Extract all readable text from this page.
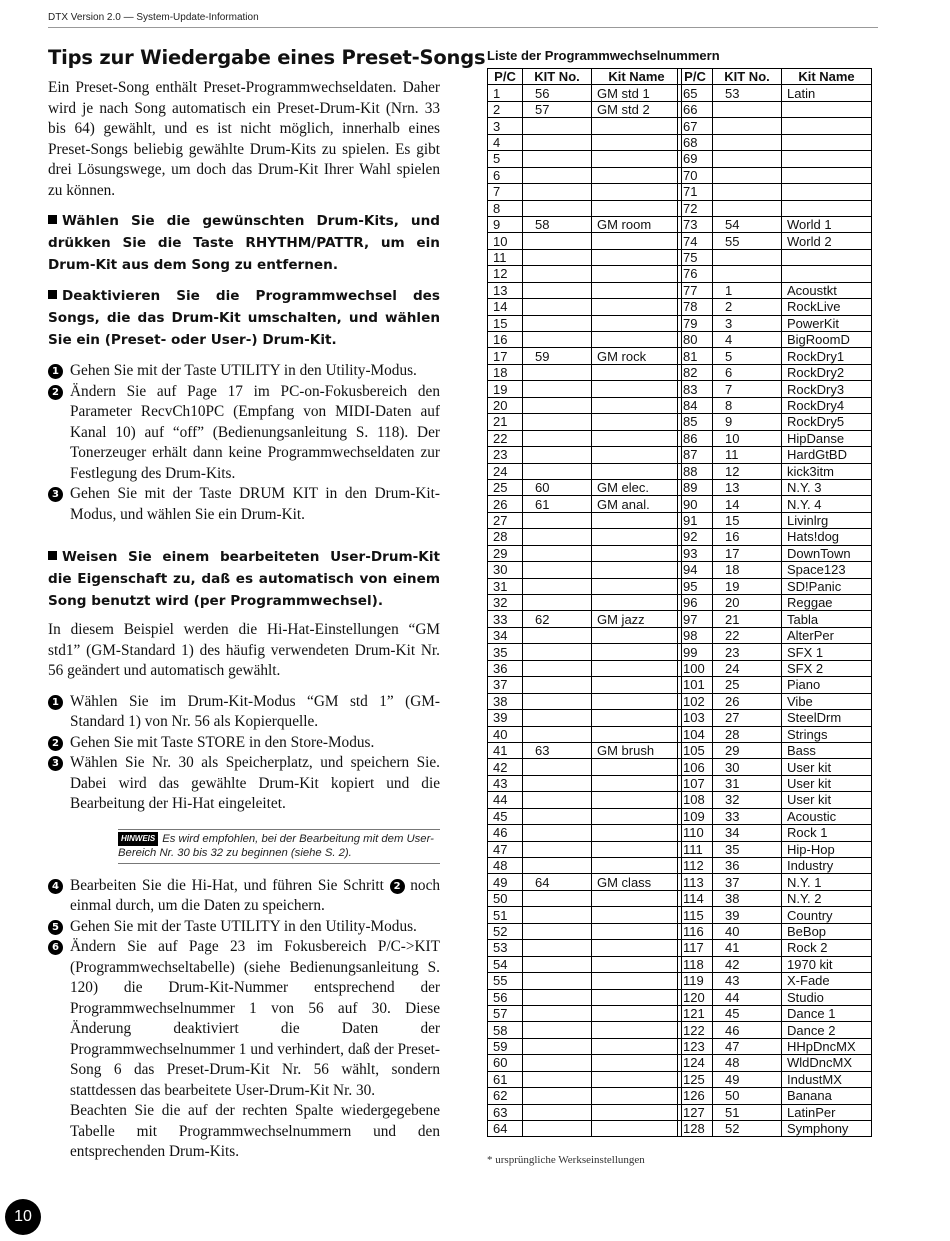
DTX Version 2.0 — System-Update-Information
Tips zur Wiedergabe eines Preset-Songs

Ein Preset-Song enthält Preset-Programmwechseldaten. Daher wird je nach Song automatisch ein Preset-Drum-Kit (Nrn. 33 bis 64) gewählt, und es ist nicht möglich, innerhalb eines Preset-Songs beliebig gewählte Drum-Kits zu spielen. Es gibt drei Lösungswege, um doch das Drum-Kit Ihrer Wahl spielen zu können.

Wählen Sie die gewünschten Drum-Kits, und drükken Sie die Taste RHYTHM/PATTR, um ein Drum-Kit aus dem Song zu entfernen.

Deaktivieren Sie die Programmwechsel des Songs, die das Drum-Kit umschalten, und wählen Sie ein (Preset- oder User-) Drum-Kit.

1 Gehen Sie mit der Taste UTILITY in den Utility-Modus.
2 Ändern Sie auf Page 17 im PC-on-Fokusbereich den Parameter RecvCh10PC (Empfang von MIDI-Daten auf Kanal 10) auf “off” (Bedienungsanleitung S. 118). Der Tonerzeuger erhält dann keine Programmwechseldaten zur Festlegung des Drum-Kits.
3 Gehen Sie mit der Taste DRUM KIT in den Drum-Kit-Modus, und wählen Sie ein Drum-Kit.

Weisen Sie einem bearbeiteten User-Drum-Kit die Eigenschaft zu, daß es automatisch von einem Song benutzt wird (per Programmwechsel).

In diesem Beispiel werden die Hi-Hat-Einstellungen “GM std1” (GM-Standard 1) des häufig verwendeten Drum-Kit Nr. 56 geändert und automatisch gewählt.

1 Wählen Sie im Drum-Kit-Modus “GM std 1” (GM-Standard 1) von Nr. 56 als Kopierquelle.
2 Gehen Sie mit Taste STORE in den Store-Modus.
3 Wählen Sie Nr. 30 als Speicherplatz, und speichern Sie. Dabei wird das gewählte Drum-Kit kopiert und die Bearbeitung der Hi-Hat eingeleitet.
HINWEIS Es wird empfohlen, bei der Bearbeitung mit dem User-Bereich Nr. 30 bis 32 zu beginnen (siehe S. 2).
4 Bearbeiten Sie die Hi-Hat, und führen Sie Schritt 2 noch einmal durch, um die Daten zu speichern.
5 Gehen Sie mit der Taste UTILITY in den Utility-Modus.
6 Ändern Sie auf Page 23 im Fokusbereich P/C->KIT (Programmwechseltabelle) (siehe Bedienungsanleitung S. 120) die Drum-Kit-Nummer entsprechend der Programmwechselnummer 1 von 56 auf 30. Diese Änderung deaktiviert die Daten der Programmwechselnummer 1 und verhindert, daß der Preset-Song 6 das Preset-Drum-Kit Nr. 56 wählt, sondern stattdessen das bearbeitete User-Drum-Kit Nr. 30.
Beachten Sie die auf der rechten Spalte wiedergegebene Tabelle mit Programmwechselnummern und den entsprechenden Drum-Kits.
Liste der Programmwechselnummern
P/C	KIT No.	Kit Name
1	56	GM std 1
2	57	GM std 2
3		
4		
5		
6		
7		
8		
9	58	GM room
10		
11		
12		
13		
14		
15		
16		
17	59	GM rock
18		
19		
20		
21		
22		
23		
24		
25	60	GM elec.
26	61	GM anal.
27		
28		
29		
30		
31		
32		
33	62	GM jazz
34		
35		
36		
37		
38		
39		
40		
41	63	GM brush
42		
43		
44		
45		
46		
47		
48		
49	64	GM class
50		
51		
52		
53		
54		
55		
56		
57		
58		
59		
60		
61		
62		
63		
64		
P/C	KIT No.	Kit Name
65	53	Latin
66		
67		
68		
69		
70		
71		
72		
73	54	World 1
74	55	World 2
75		
76		
77	1	Acoustkt
78	2	RockLive
79	3	PowerKit
80	4	BigRoomD
81	5	RockDry1
82	6	RockDry2
83	7	RockDry3
84	8	RockDry4
85	9	RockDry5
86	10	HipDanse
87	11	HardGtBD
88	12	kick3itm
89	13	N.Y. 3
90	14	N.Y. 4
91	15	Livinlrg
92	16	Hats!dog
93	17	DownTown
94	18	Space123
95	19	SD!Panic
96	20	Reggae
97	21	Tabla
98	22	AlterPer
99	23	SFX 1
100	24	SFX 2
101	25	Piano
102	26	Vibe
103	27	SteelDrm
104	28	Strings
105	29	Bass
106	30	User kit
107	31	User kit
108	32	User kit
109	33	Acoustic
110	34	Rock 1
111	35	Hip-Hop
112	36	Industry
113	37	N.Y. 1
114	38	N.Y. 2
115	39	Country
116	40	BeBop
117	41	Rock 2
118	42	1970 kit
119	43	X-Fade
120	44	Studio
121	45	Dance 1
122	46	Dance 2
123	47	HHpDncMX
124	48	WldDncMX
125	49	IndustMX
126	50	Banana
127	51	LatinPer
128	52	Symphony
* ursprüngliche Werkseinstellungen
10
